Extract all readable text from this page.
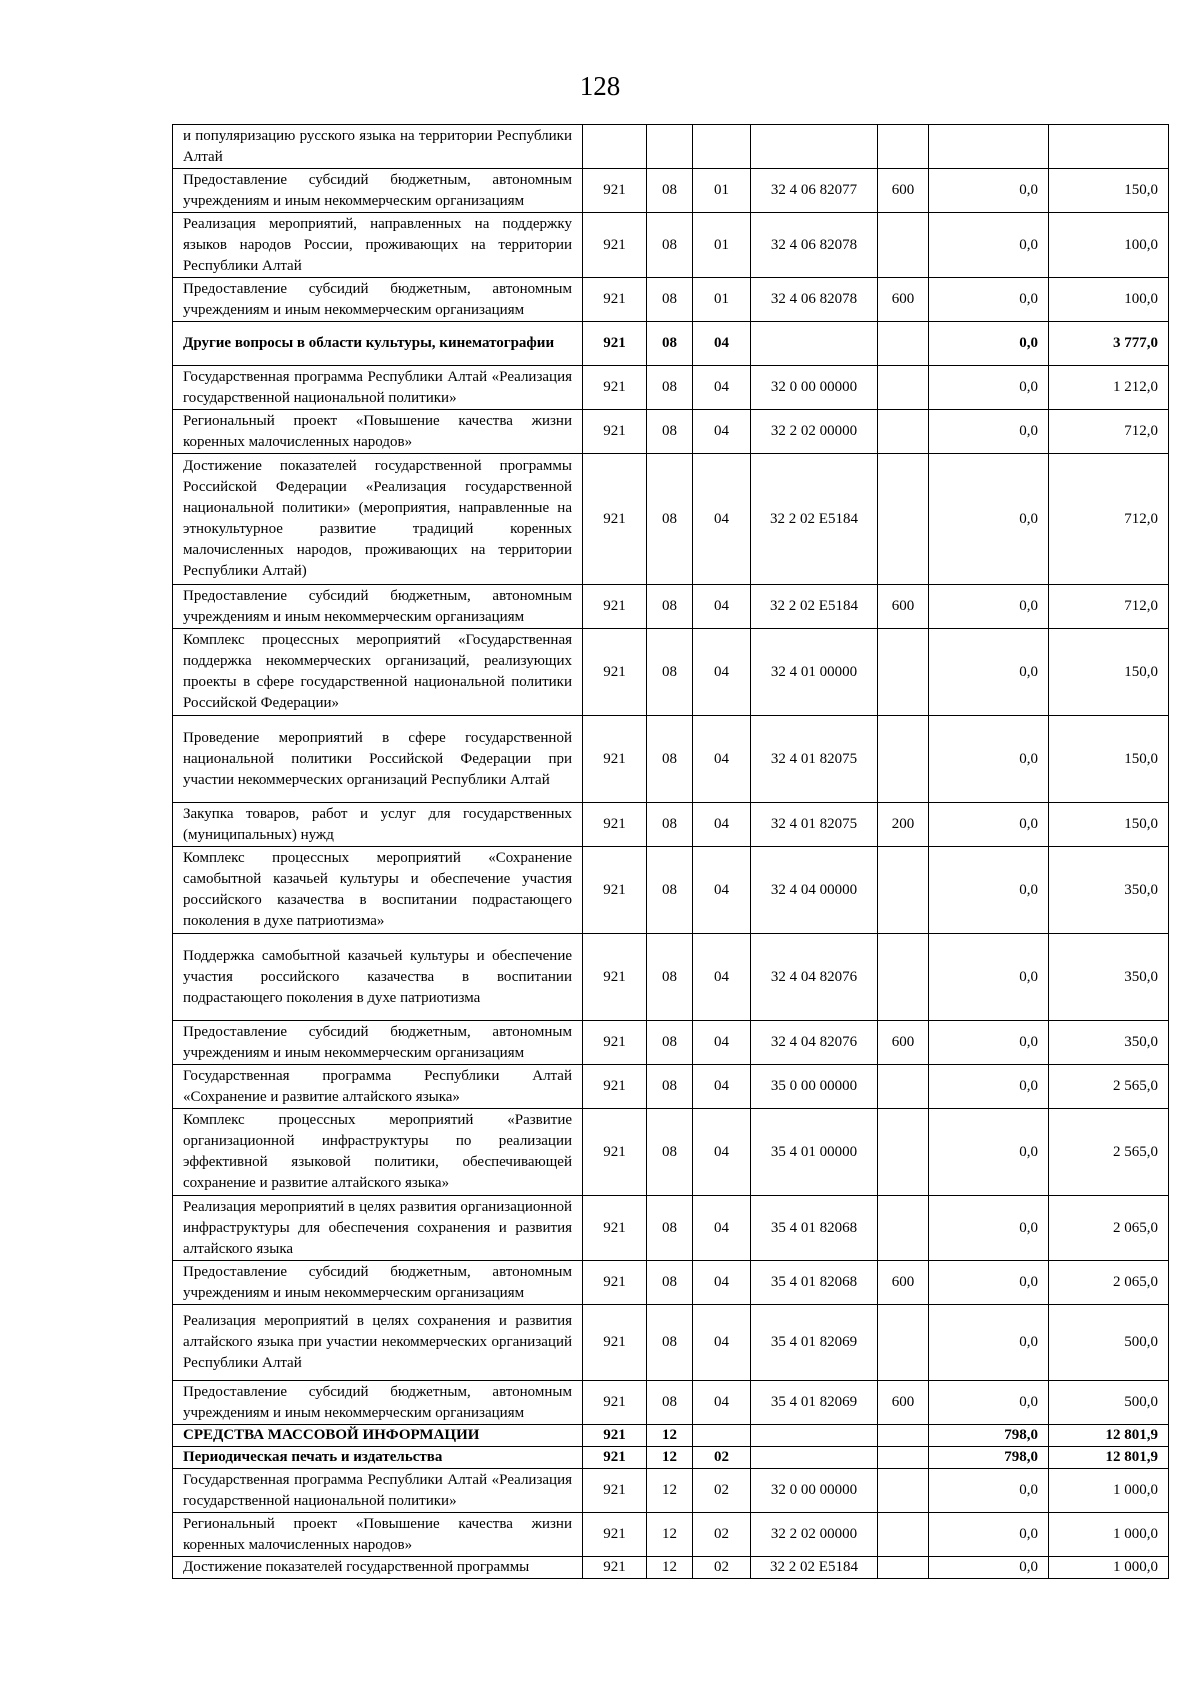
128
и популяризацию русского языка на территории Республики Алтай							
Предоставление субсидий бюджетным, автономным учреждениям и иным некоммерческим организациям	921	08	01	32 4 06 82077	600	0,0	150,0
Реализация мероприятий, направленных на поддержку языков народов России, проживающих на территории Республики Алтай	921	08	01	32 4 06 82078		0,0	100,0
Предоставление субсидий бюджетным, автономным учреждениям и иным некоммерческим организациям	921	08	01	32 4 06 82078	600	0,0	100,0
Другие вопросы в области культуры, кинематографии	921	08	04			0,0	3 777,0
Государственная программа Республики Алтай «Реализация государственной национальной политики»	921	08	04	32 0 00 00000		0,0	1 212,0
Региональный проект «Повышение качества жизни коренных малочисленных народов»	921	08	04	32 2 02 00000		0,0	712,0
Достижение показателей государственной программы Российской Федерации «Реализация государственной национальной политики» (мероприятия, направленные на этнокультурное развитие традиций коренных малочисленных народов, проживающих на территории Республики Алтай)	921	08	04	32 2 02 E5184		0,0	712,0
Предоставление субсидий бюджетным, автономным учреждениям и иным некоммерческим организациям	921	08	04	32 2 02 E5184	600	0,0	712,0
Комплекс процессных мероприятий «Государственная поддержка некоммерческих организаций, реализующих проекты в сфере государственной национальной политики Российской Федерации»	921	08	04	32 4 01 00000		0,0	150,0
Проведение мероприятий в сфере государственной национальной политики Российской Федерации при участии некоммерческих организаций Республики Алтай	921	08	04	32 4 01 82075		0,0	150,0
Закупка товаров, работ и услуг для государственных (муниципальных) нужд	921	08	04	32 4 01 82075	200	0,0	150,0
Комплекс процессных мероприятий «Сохранение самобытной казачьей культуры и обеспечение участия российского казачества в воспитании подрастающего поколения в духе патриотизма»	921	08	04	32 4 04 00000		0,0	350,0
Поддержка самобытной казачьей культуры и обеспечение участия российского казачества в воспитании подрастающего поколения в духе патриотизма	921	08	04	32 4 04 82076		0,0	350,0
Предоставление субсидий бюджетным, автономным учреждениям и иным некоммерческим организациям	921	08	04	32 4 04 82076	600	0,0	350,0
Государственная программа Республики Алтай «Сохранение и развитие алтайского языка»	921	08	04	35 0 00 00000		0,0	2 565,0
Комплекс процессных мероприятий «Развитие организационной инфраструктуры по реализации эффективной языковой политики, обеспечивающей сохранение и развитие алтайского языка»	921	08	04	35 4 01 00000		0,0	2 565,0
Реализация мероприятий в целях развития организационной инфраструктуры для обеспечения сохранения и развития алтайского языка	921	08	04	35 4 01 82068		0,0	2 065,0
Предоставление субсидий бюджетным, автономным учреждениям и иным некоммерческим организациям	921	08	04	35 4 01 82068	600	0,0	2 065,0
Реализация мероприятий в целях сохранения и развития алтайского языка при участии некоммерческих организаций Республики Алтай	921	08	04	35 4 01 82069		0,0	500,0
Предоставление субсидий бюджетным, автономным учреждениям и иным некоммерческим организациям	921	08	04	35 4 01 82069	600	0,0	500,0
СРЕДСТВА МАССОВОЙ ИНФОРМАЦИИ	921	12				798,0	12 801,9
Периодическая печать и издательства	921	12	02			798,0	12 801,9
Государственная программа Республики Алтай «Реализация государственной национальной политики»	921	12	02	32 0 00 00000		0,0	1 000,0
Региональный проект «Повышение качества жизни коренных малочисленных народов»	921	12	02	32 2 02 00000		0,0	1 000,0
Достижение показателей государственной программы	921	12	02	32 2 02 E5184		0,0	1 000,0
